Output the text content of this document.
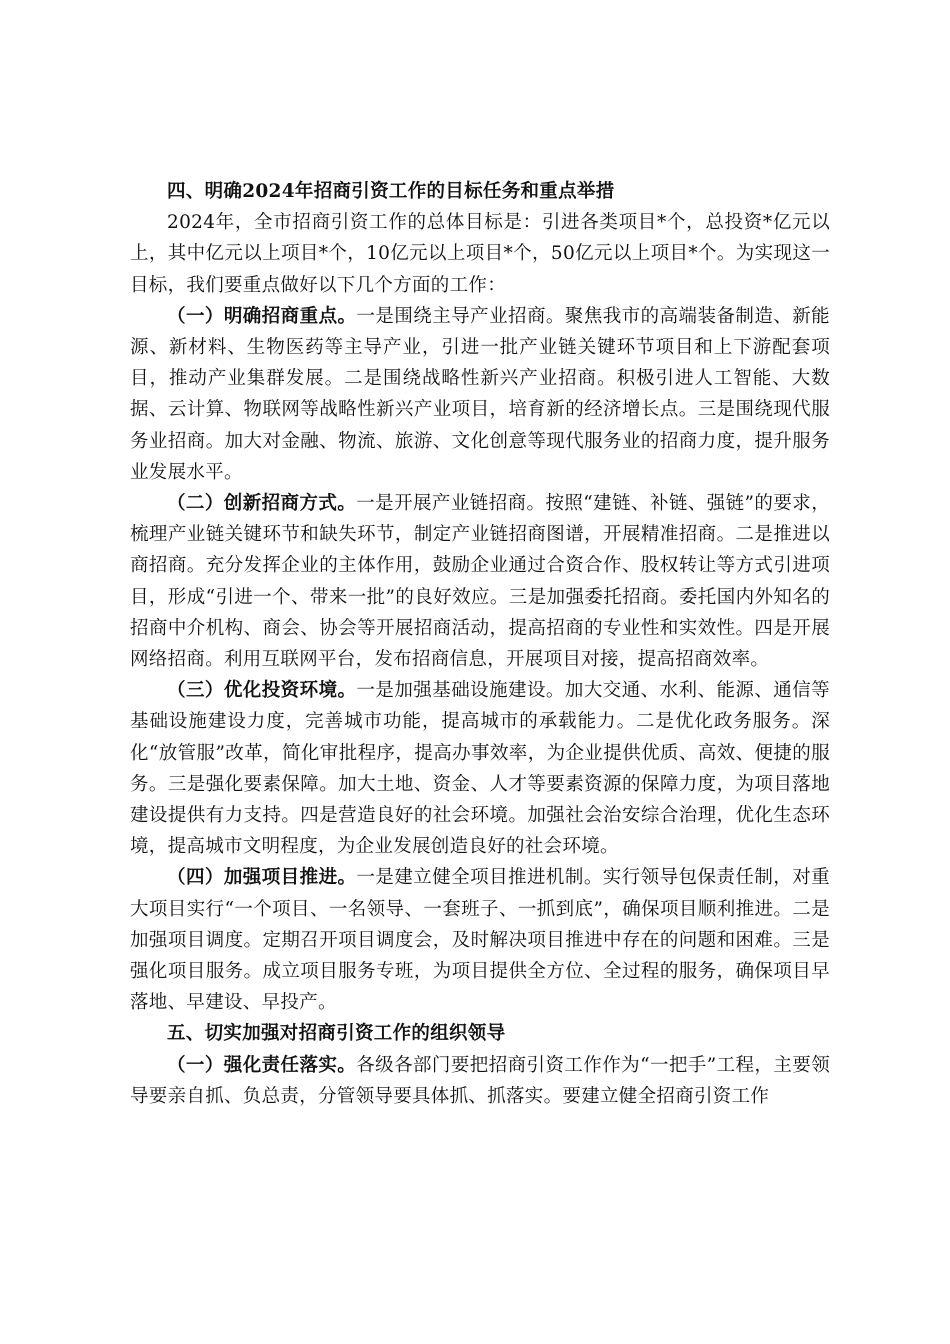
四、明确2024年招商引资工作的目标任务和重点举措

2024年，全市招商引资工作的总体目标是：引进各类项目*个，总投资*亿元以上，其中亿元以上项目*个，10亿元以上项目*个，50亿元以上项目*个。为实现这一目标，我们要重点做好以下几个方面的工作：

（一）明确招商重点。一是围绕主导产业招商。聚焦我市的高端装备制造、新能源、新材料、生物医药等主导产业，引进一批产业链关键环节项目和上下游配套项目，推动产业集群发展。二是围绕战略性新兴产业招商。积极引进人工智能、大数据、云计算、物联网等战略性新兴产业项目，培育新的经济增长点。三是围绕现代服务业招商。加大对金融、物流、旅游、文化创意等现代服务业的招商力度，提升服务业发展水平。

（二）创新招商方式。一是开展产业链招商。按照“建链、补链、强链”的要求，梳理产业链关键环节和缺失环节，制定产业链招商图谱，开展精准招商。二是推进以商招商。充分发挥企业的主体作用，鼓励企业通过合资合作、股权转让等方式引进项目，形成“引进一个、带来一批”的良好效应。三是加强委托招商。委托国内外知名的招商中介机构、商会、协会等开展招商活动，提高招商的专业性和实效性。四是开展网络招商。利用互联网平台，发布招商信息，开展项目对接，提高招商效率。

（三）优化投资环境。一是加强基础设施建设。加大交通、水利、能源、通信等基础设施建设力度，完善城市功能，提高城市的承载能力。二是优化政务服务。深化“放管服”改革，简化审批程序，提高办事效率，为企业提供优质、高效、便捷的服务。三是强化要素保障。加大土地、资金、人才等要素资源的保障力度，为项目落地建设提供有力支持。四是营造良好的社会环境。加强社会治安综合治理，优化生态环境，提高城市文明程度，为企业发展创造良好的社会环境。

（四）加强项目推进。一是建立健全项目推进机制。实行领导包保责任制，对重大项目实行“一个项目、一名领导、一套班子、一抓到底”，确保项目顺利推进。二是加强项目调度。定期召开项目调度会，及时解决项目推进中存在的问题和困难。三是强化项目服务。成立项目服务专班，为项目提供全方位、全过程的服务，确保项目早落地、早建设、早投产。

五、切实加强对招商引资工作的组织领导

（一）强化责任落实。各级各部门要把招商引资工作作为“一把手”工程，主要领导要亲自抓、负总责，分管领导要具体抓、抓落实。要建立健全招商引资工作
